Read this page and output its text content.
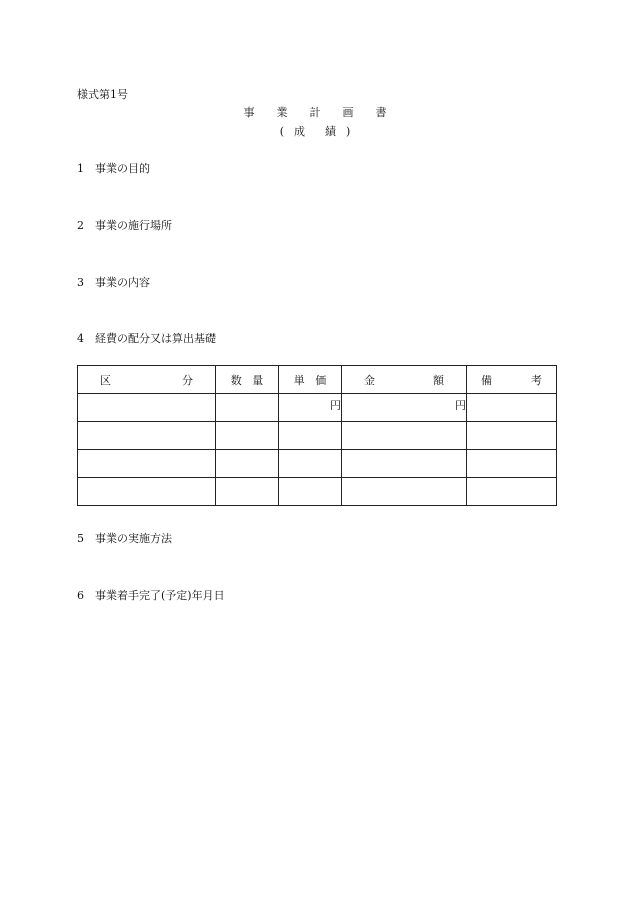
様式第1号
事 業 計 画 書
( 成 績 )
1 事業の目的
2 事業の施行場所
3 事業の内容
4 経費の配分又は算出基礎
区 分	数 量	単 価	金 額	備 考

		円	円	

5 事業の実施方法
6 事業着手完了(予定)年月日
